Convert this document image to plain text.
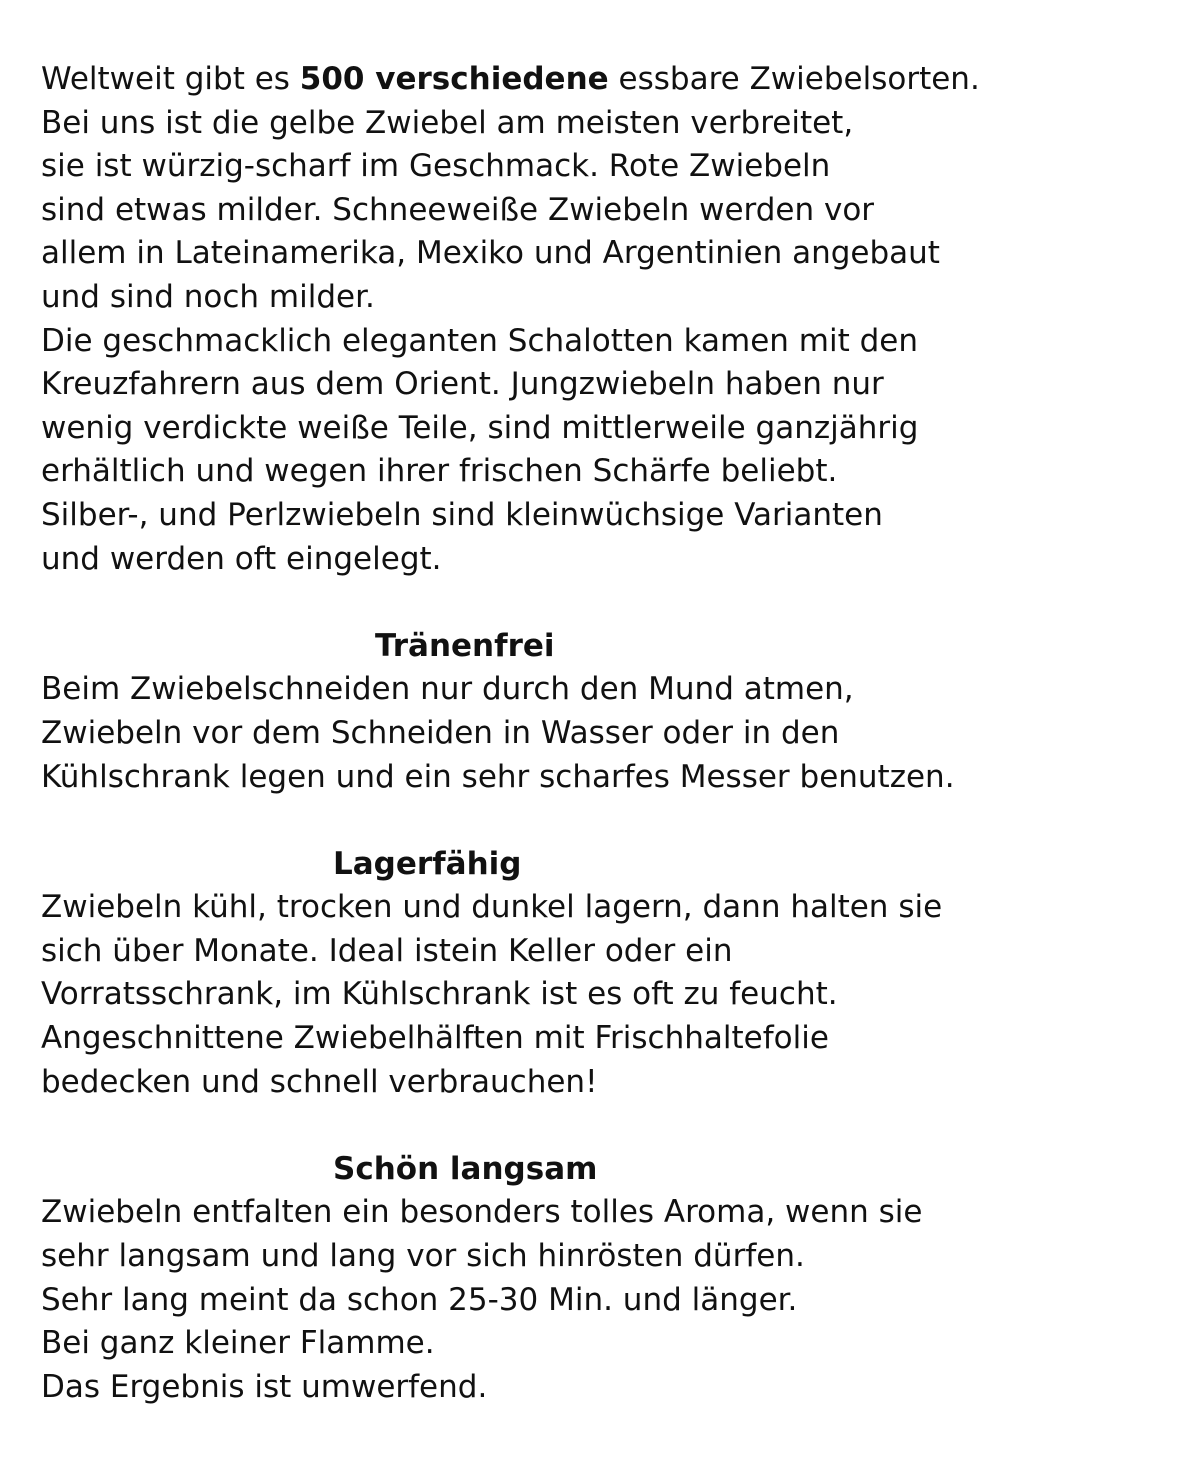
Weltweit gibt es 500 verschiedene essbare Zwiebelsorten.

Bei uns ist die gelbe Zwiebel am meisten verbreitet,

sie ist würzig-scharf im Geschmack. Rote Zwiebeln

sind etwas milder. Schneeweiße Zwiebeln werden vor

allem in Lateinamerika, Mexiko und Argentinien angebaut

und sind noch milder.

Die geschmacklich eleganten Schalotten kamen mit den

Kreuzfahrern aus dem Orient. Jungzwiebeln haben nur

wenig verdickte weiße Teile, sind mittlerweile ganzjährig

erhältlich und wegen ihrer frischen Schärfe beliebt.

Silber-, und Perlzwiebeln sind kleinwüchsige Varianten

und werden oft eingelegt.

Tränenfrei

Beim Zwiebelschneiden nur durch den Mund atmen,

Zwiebeln vor dem Schneiden in Wasser oder in den

Kühlschrank legen und ein sehr scharfes Messer benutzen.

Lagerfähig

Zwiebeln kühl, trocken und dunkel lagern, dann halten sie

sich über Monate. Ideal istein Keller oder ein

Vorratsschrank, im Kühlschrank ist es oft zu feucht.

Angeschnittene Zwiebelhälften mit Frischhaltefolie

bedecken und schnell verbrauchen!

Schön langsam

Zwiebeln entfalten ein besonders tolles Aroma, wenn sie

sehr langsam und lang vor sich hinrösten dürfen.

Sehr lang meint da schon 25-30 Min. und länger.

Bei ganz kleiner Flamme.

Das Ergebnis ist umwerfend.
